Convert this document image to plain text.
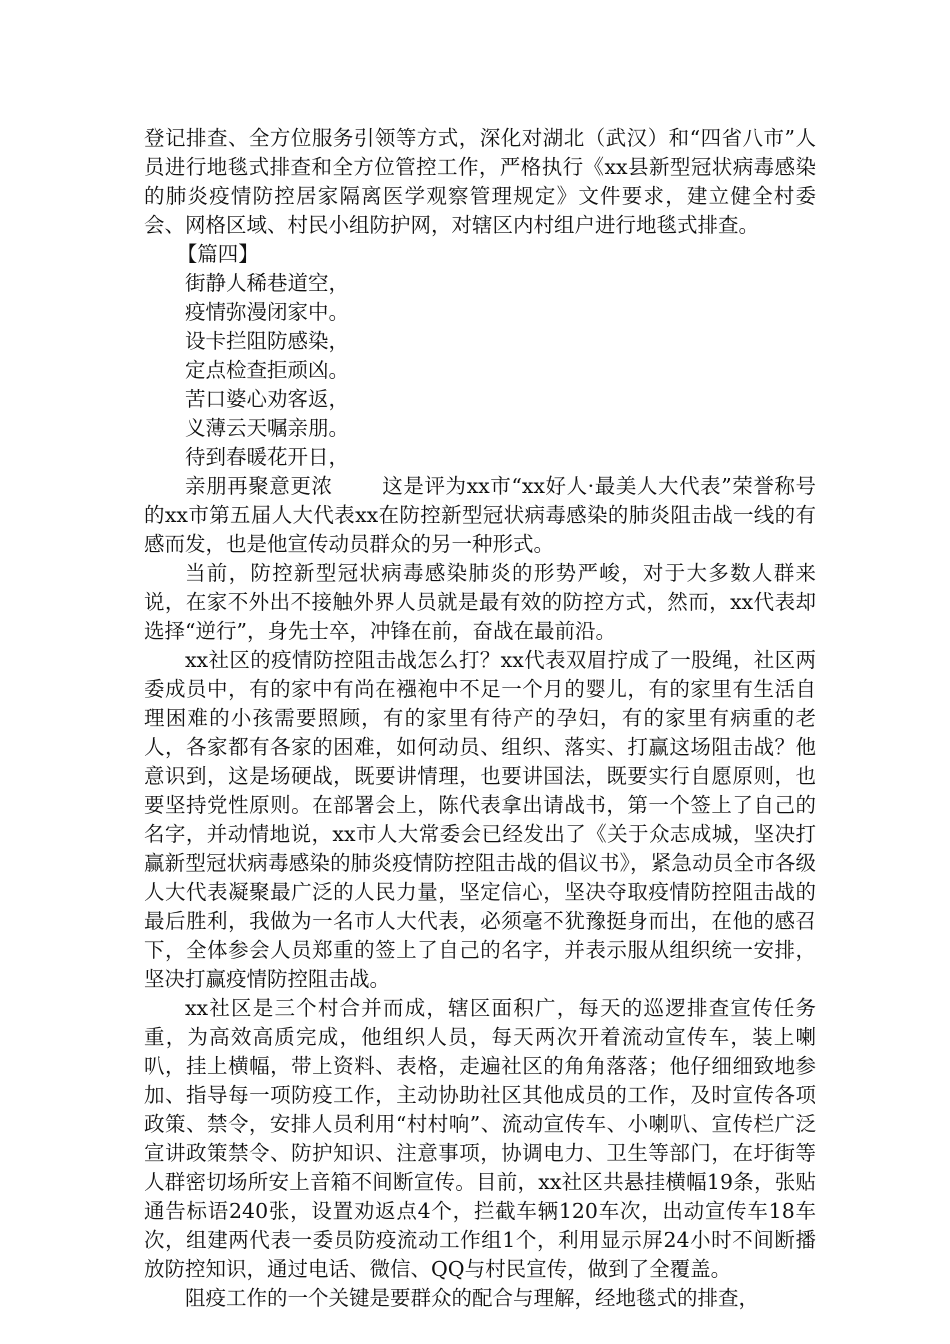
登记排查、全方位服务引领等方式，深化对湖北（武汉）和“四省八市”人员进行地毯式排查和全方位管控工作，严格执行《xx县新型冠状病毒感染的肺炎疫情防控居家隔离医学观察管理规定》文件要求，建立健全村委会、网格区域、村民小组防护网，对辖区内村组户进行地毯式排查。

【篇四】
街静人稀巷道空，
疫情弥漫闭家中。
设卡拦阻防感染，
定点检查拒顽凶。
苦口婆心劝客返，
义薄云天嘱亲朋。
待到春暖花开日，

亲朋再聚意更浓 这是评为xx市“xx好人·最美人大代表”荣誉称号的xx市第五届人大代表xx在防控新型冠状病毒感染的肺炎阻击战一线的有感而发，也是他宣传动员群众的另一种形式。

当前，防控新型冠状病毒感染肺炎的形势严峻，对于大多数人群来说，在家不外出不接触外界人员就是最有效的防控方式，然而，xx代表却选择“逆行”，身先士卒，冲锋在前，奋战在最前沿。

xx社区的疫情防控阻击战怎么打？xx代表双眉拧成了一股绳，社区两委成员中，有的家中有尚在襁袍中不足一个月的婴儿，有的家里有生活自理困难的小孩需要照顾，有的家里有待产的孕妇，有的家里有病重的老人，各家都有各家的困难，如何动员、组织、落实、打赢这场阻击战？他意识到，这是场硬战，既要讲情理，也要讲国法，既要实行自愿原则，也要坚持党性原则。在部署会上，陈代表拿出请战书，第一个签上了自己的名字，并动情地说，xx市人大常委会已经发出了《关于众志成城，坚决打赢新型冠状病毒感染的肺炎疫情防控阻击战的倡议书》，紧急动员全市各级人大代表凝聚最广泛的人民力量，坚定信心，坚决夺取疫情防控阻击战的最后胜利，我做为一名市人大代表，必须毫不犹豫挺身而出，在他的感召下，全体参会人员郑重的签上了自己的名字，并表示服从组织统一安排，坚决打赢疫情防控阻击战。

xx社区是三个村合并而成，辖区面积广，每天的巡逻排查宣传任务重，为高效高质完成，他组织人员，每天两次开着流动宣传车，装上喇叭，挂上横幅，带上资料、表格，走遍社区的角角落落；他仔细细致地参加、指导每一项防疫工作，主动协助社区其他成员的工作，及时宣传各项政策、禁令，安排人员利用“村村响”、流动宣传车、小喇叭、宣传栏广泛宣讲政策禁令、防护知识、注意事项，协调电力、卫生等部门，在圩街等人群密切场所安上音箱不间断宣传。目前，xx社区共悬挂横幅19条，张贴通告标语240张，设置劝返点4个，拦截车辆120车次，出动宣传车18车次，组建两代表一委员防疫流动工作组1个，利用显示屏24小时不间断播放防控知识，通过电话、微信、QQ与村民宣传，做到了全覆盖。

阻疫工作的一个关键是要群众的配合与理解，经地毯式的排查，
